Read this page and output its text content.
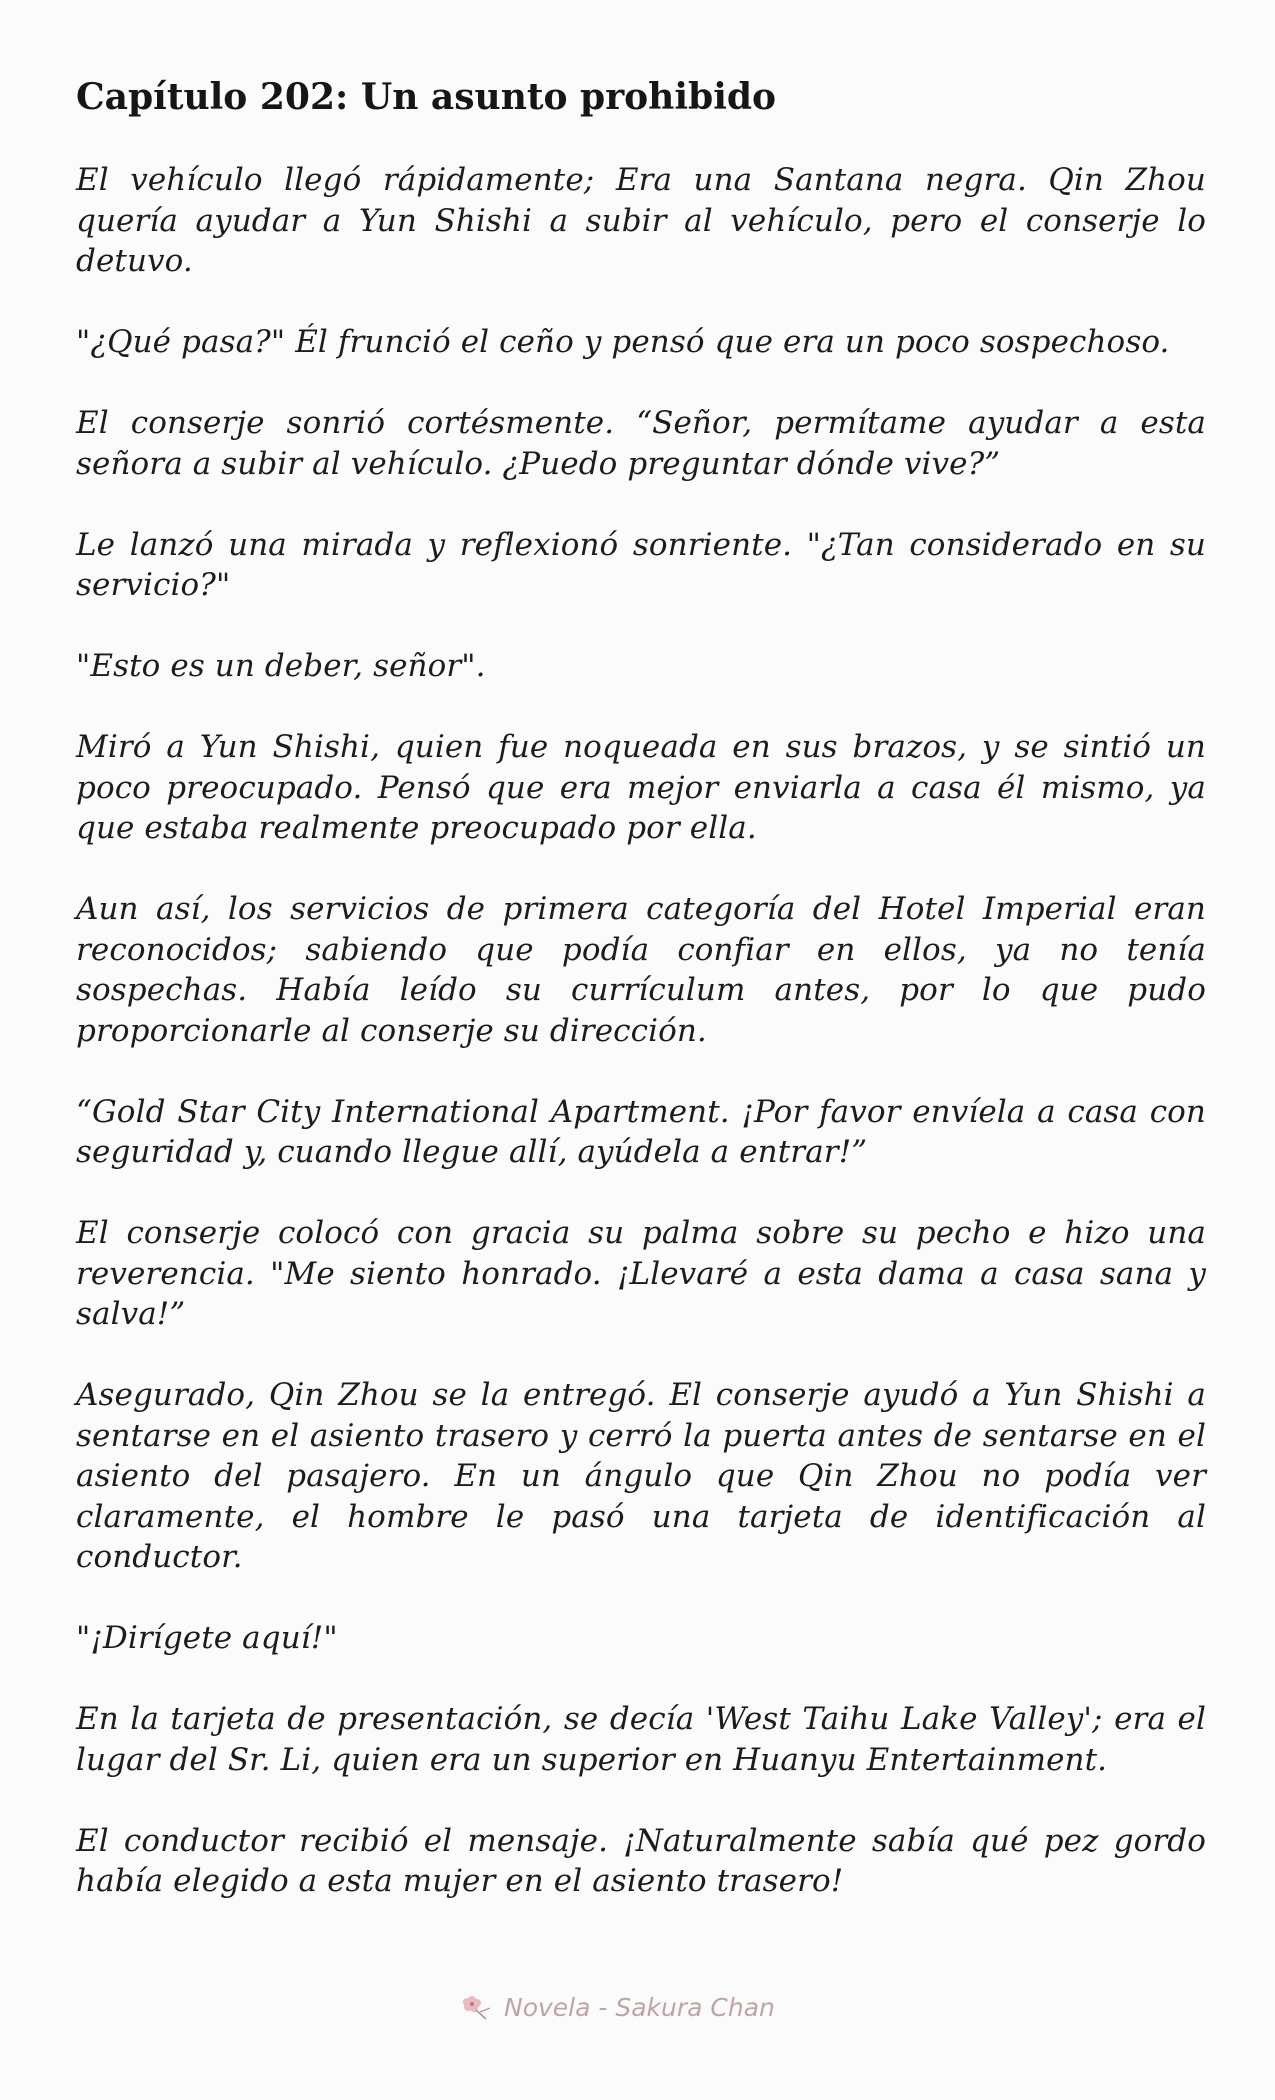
Capítulo 202: Un asunto prohibido

El vehículo llegó rápidamente; Era una Santana negra. Qin Zhou quería ayudar a Yun Shishi a subir al vehículo, pero el conserje lo detuvo.

"¿Qué pasa?" Él frunció el ceño y pensó que era un poco sospechoso.

El conserje sonrió cortésmente. “Señor, permítame ayudar a esta señora a subir al vehículo. ¿Puedo preguntar dónde vive?”

Le lanzó una mirada y reflexionó sonriente. "¿Tan considerado en su servicio?"

"Esto es un deber, señor".

Miró a Yun Shishi, quien fue noqueada en sus brazos, y se sintió un poco preocupado. Pensó que era mejor enviarla a casa él mismo, ya que estaba realmente preocupado por ella.

Aun así, los servicios de primera categoría del Hotel Imperial eran reconocidos; sabiendo que podía confiar en ellos, ya no tenía sospechas. Había leído su currículum antes, por lo que pudo proporcionarle al conserje su dirección.

“Gold Star City International Apartment. ¡Por favor envíela a casa con seguridad y, cuando llegue allí, ayúdela a entrar!”

El conserje colocó con gracia su palma sobre su pecho e hizo una reverencia. "Me siento honrado. ¡Llevaré a esta dama a casa sana y salva!”

Asegurado, Qin Zhou se la entregó. El conserje ayudó a Yun Shishi a sentarse en el asiento trasero y cerró la puerta antes de sentarse en el asiento del pasajero. En un ángulo que Qin Zhou no podía ver claramente, el hombre le pasó una tarjeta de identificación al conductor.

"¡Dirígete aquí!"

En la tarjeta de presentación, se decía 'West Taihu Lake Valley'; era el lugar del Sr. Li, quien era un superior en Huanyu Entertainment.

El conductor recibió el mensaje. ¡Naturalmente sabía qué pez gordo había elegido a esta mujer en el asiento trasero!

Novela - Sakura Chan
